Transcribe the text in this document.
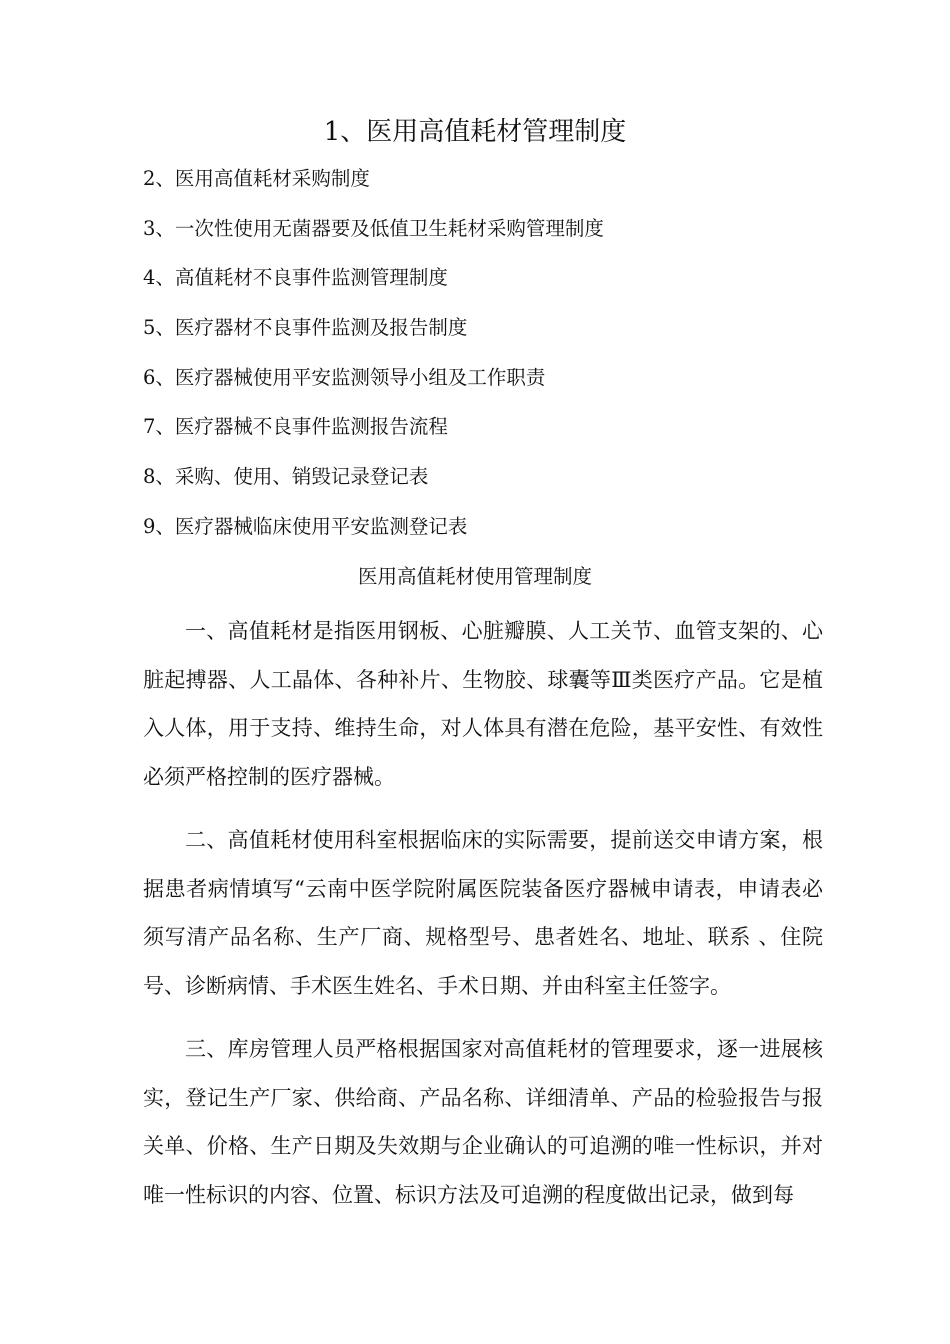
1、医用高值耗材管理制度
2、医用高值耗材采购制度
3、一次性使用无菌器要及低值卫生耗材采购管理制度
4、高值耗材不良事件监测管理制度
5、医疗器材不良事件监测及报告制度
6、医疗器械使用平安监测领导小组及工作职责
7、医疗器械不良事件监测报告流程
8、采购、使用、销毁记录登记表
9、医疗器械临床使用平安监测登记表
医用高值耗材使用管理制度

一、高值耗材是指医用钢板、心脏瓣膜、人工关节、血管支架的、心脏起搏器、人工晶体、各种补片、生物胶、球囊等Ⅲ类医疗产品。它是植入人体，用于支持、维持生命，对人体具有潜在危险，基平安性、有效性必须严格控制的医疗器械。

二、高值耗材使用科室根据临床的实际需要，提前送交申请方案，根据患者病情填写“云南中医学院附属医院装备医疗器械申请表，申请表必须写清产品名称、生产厂商、规格型号、患者姓名、地址、联系 、住院号、诊断病情、手术医生姓名、手术日期、并由科室主任签字。

三、库房管理人员严格根据国家对高值耗材的管理要求，逐一进展核实，登记生产厂家、供给商、产品名称、详细清单、产品的检验报告与报关单、价格、生产日期及失效期与企业确认的可追溯的唯一性标识，并对唯一性标识的内容、位置、标识方法及可追溯的程度做出记录，做到每
